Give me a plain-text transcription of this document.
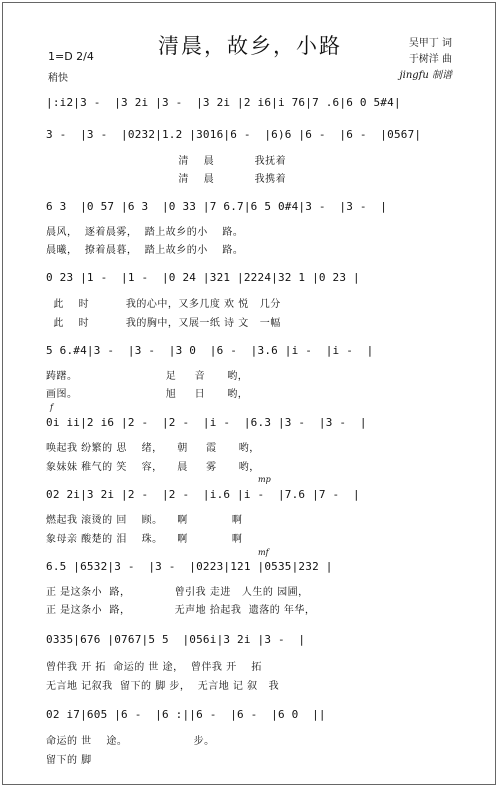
清晨，故乡，小路
1=D 2/4
稍快
吴甲丁 词
于树洋 曲
jingfu 制谱
f
mp
mf
|:i2|3 -  |3 2i |3 -  |3 2i |2 i6|i 76|7 .6|6 0 5#4|
3 -  |3 -  |0232|1.2 |3016|6 -  |6)6 |6 -  |6 -  |0567|
清    晨           我抚着
清    晨           我携着
6 3  |0 57 |6 3  |0 33 |7 6.7|6 5 0#4|3 -  |3 -  |
晨风，  逐着晨雾，  踏上故乡的小    路。
晨曦，  撩着晨暮，  踏上故乡的小    路。
0 23 |1 -  |1 -  |0 24 |321 |2224|32 1 |0 23 |
此    时          我的心中，又多几度 欢 悦   几分
此    时          我的胸中，又展一纸 诗 文   一幅
5 6.#4|3 -  |3 -  |3 0  |6 -  |3.6 |i -  |i -  |
踌躇。                        足     音      哟，
画图。                        旭     日      哟，
0i ii|2 i6 |2 -  |2 -  |i -  |6.3 |3 -  |3 -  |
唤起我 纷繁的 思    绪，    朝     霞      哟，
象妹妹 稚气的 笑    容，    晨     雾      哟，
02 2i|3 2i |2 -  |2 -  |i.6 |i -  |7.6 |7 -  |
燃起我 滚烫的 回    顾。    啊            啊
象母亲 酸楚的 泪    珠。    啊            啊
6.5 |6532|3 -  |3 -  |0223|121 |0535|232 |
正 是这条小  路，            曾引我 走进   人生的 园圃，
正 是这条小  路，            无声地 拾起我  遗落的 年华，
0335|676 |0767|5 5  |056i|3 2i |3 -  |
曾伴我 开 拓  命运的 世 途，  曾伴我 开    拓
无言地 记叙我  留下的 脚 步，  无言地 记 叙   我
02 i7|605 |6 -  |6 :||6 -  |6 -  |6 0  ||
命运的 世    途。                  步。
留下的 脚
